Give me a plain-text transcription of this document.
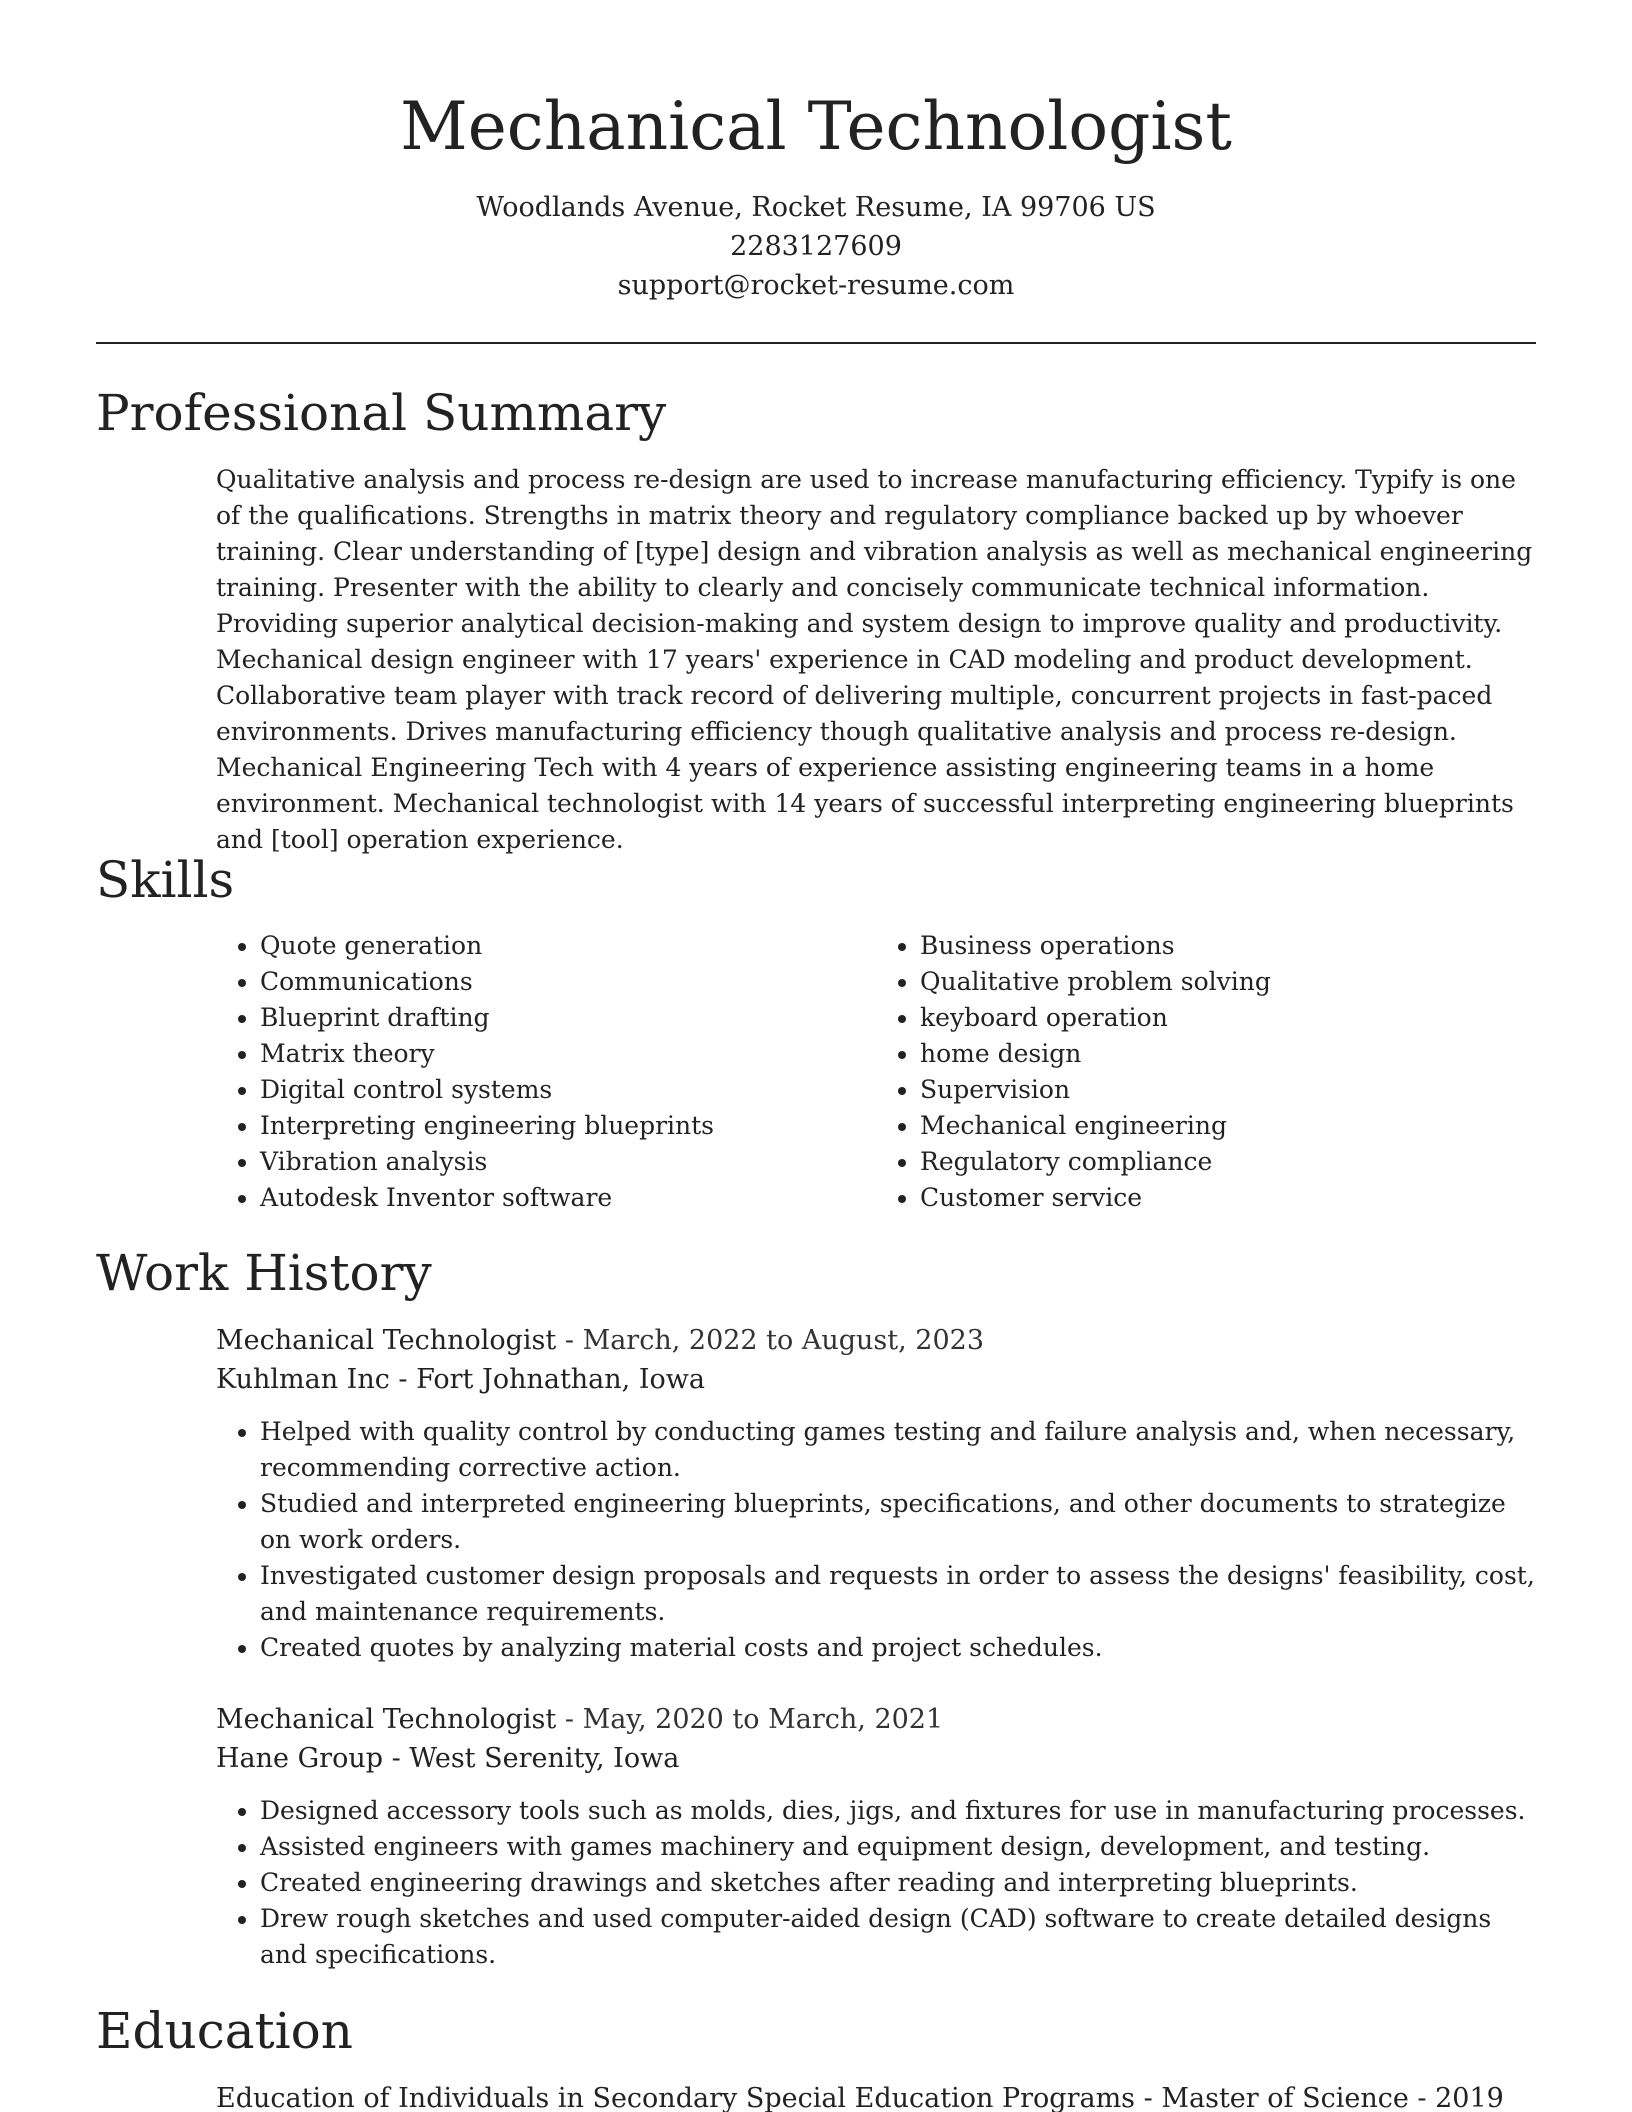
Mechanical Technologist
Woodlands Avenue, Rocket Resume, IA 99706 US
2283127609
support@rocket-resume.com
Professional Summary

Qualitative analysis and process re-design are used to increase manufacturing efficiency. Typify is one of the qualifications. Strengths in matrix theory and regulatory compliance backed up by whoever training. Clear understanding of [type] design and vibration analysis as well as mechanical engineering training. Presenter with the ability to clearly and concisely communicate technical information. Providing superior analytical decision-making and system design to improve quality and productivity. Mechanical design engineer with 17 years' experience in CAD modeling and product development. Collaborative team player with track record of delivering multiple, concurrent projects in fast-paced environments. Drives manufacturing efficiency though qualitative analysis and process re-design. Mechanical Engineering Tech with 4 years of experience assisting engineering teams in a home environment. Mechanical technologist with 14 years of successful interpreting engineering blueprints and [tool] operation experience.

Skills
• Quote generation
• Communications
• Blueprint drafting
• Matrix theory
• Digital control systems
• Interpreting engineering blueprints
• Vibration analysis
• Autodesk Inventor software
• Business operations
• Qualitative problem solving
• keyboard operation
• home design
• Supervision
• Mechanical engineering
• Regulatory compliance
• Customer service
Work History

Mechanical Technologist - March, 2022 to August, 2023

Kuhlman Inc - Fort Johnathan, Iowa

• Helped with quality control by conducting games testing and failure analysis and, when necessary, recommending corrective action.
• Studied and interpreted engineering blueprints, specifications, and other documents to strategize on work orders.
• Investigated customer design proposals and requests in order to assess the designs' feasibility, cost, and maintenance requirements.
• Created quotes by analyzing material costs and project schedules.

Mechanical Technologist - May, 2020 to March, 2021

Hane Group - West Serenity, Iowa

• Designed accessory tools such as molds, dies, jigs, and fixtures for use in manufacturing processes.
• Assisted engineers with games machinery and equipment design, development, and testing.
• Created engineering drawings and sketches after reading and interpreting blueprints.
• Drew rough sketches and used computer-aided design (CAD) software to create detailed designs and specifications.
Education

Education of Individuals in Secondary Special Education Programs - Master of Science - 2019
